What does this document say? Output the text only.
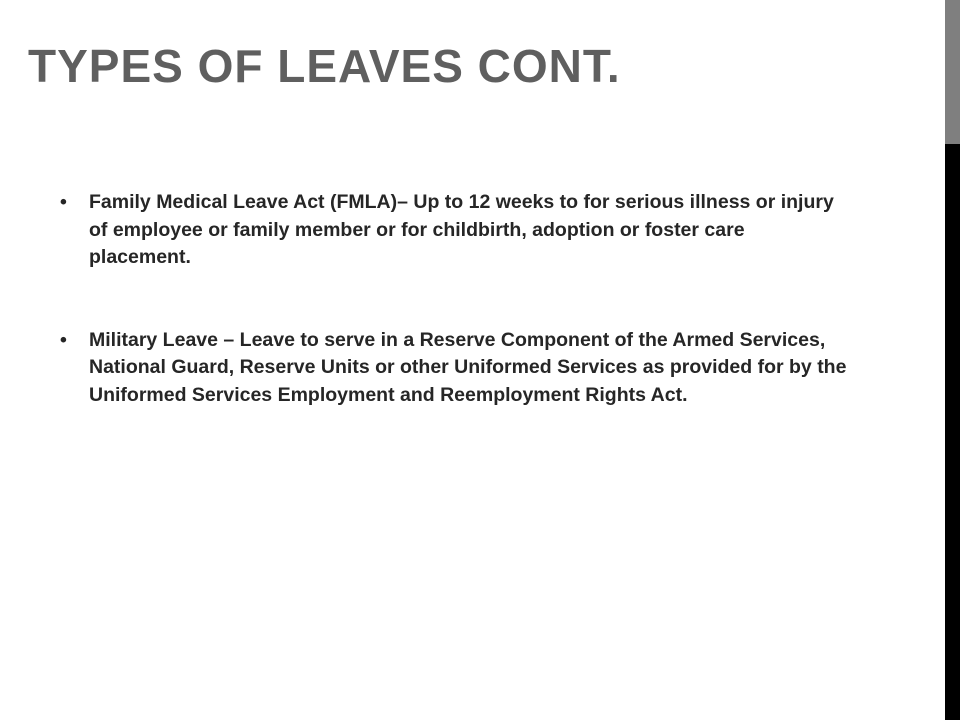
TYPES OF LEAVES CONT.
• Family Medical Leave Act (FMLA)– Up to 12 weeks to for serious illness or injury of employee or family member or for childbirth, adoption or foster care placement.
• Military Leave – Leave to serve in a Reserve Component of the Armed Services, National Guard, Reserve Units or other Uniformed Services as provided for by the Uniformed Services Employment and Reemployment Rights Act.
